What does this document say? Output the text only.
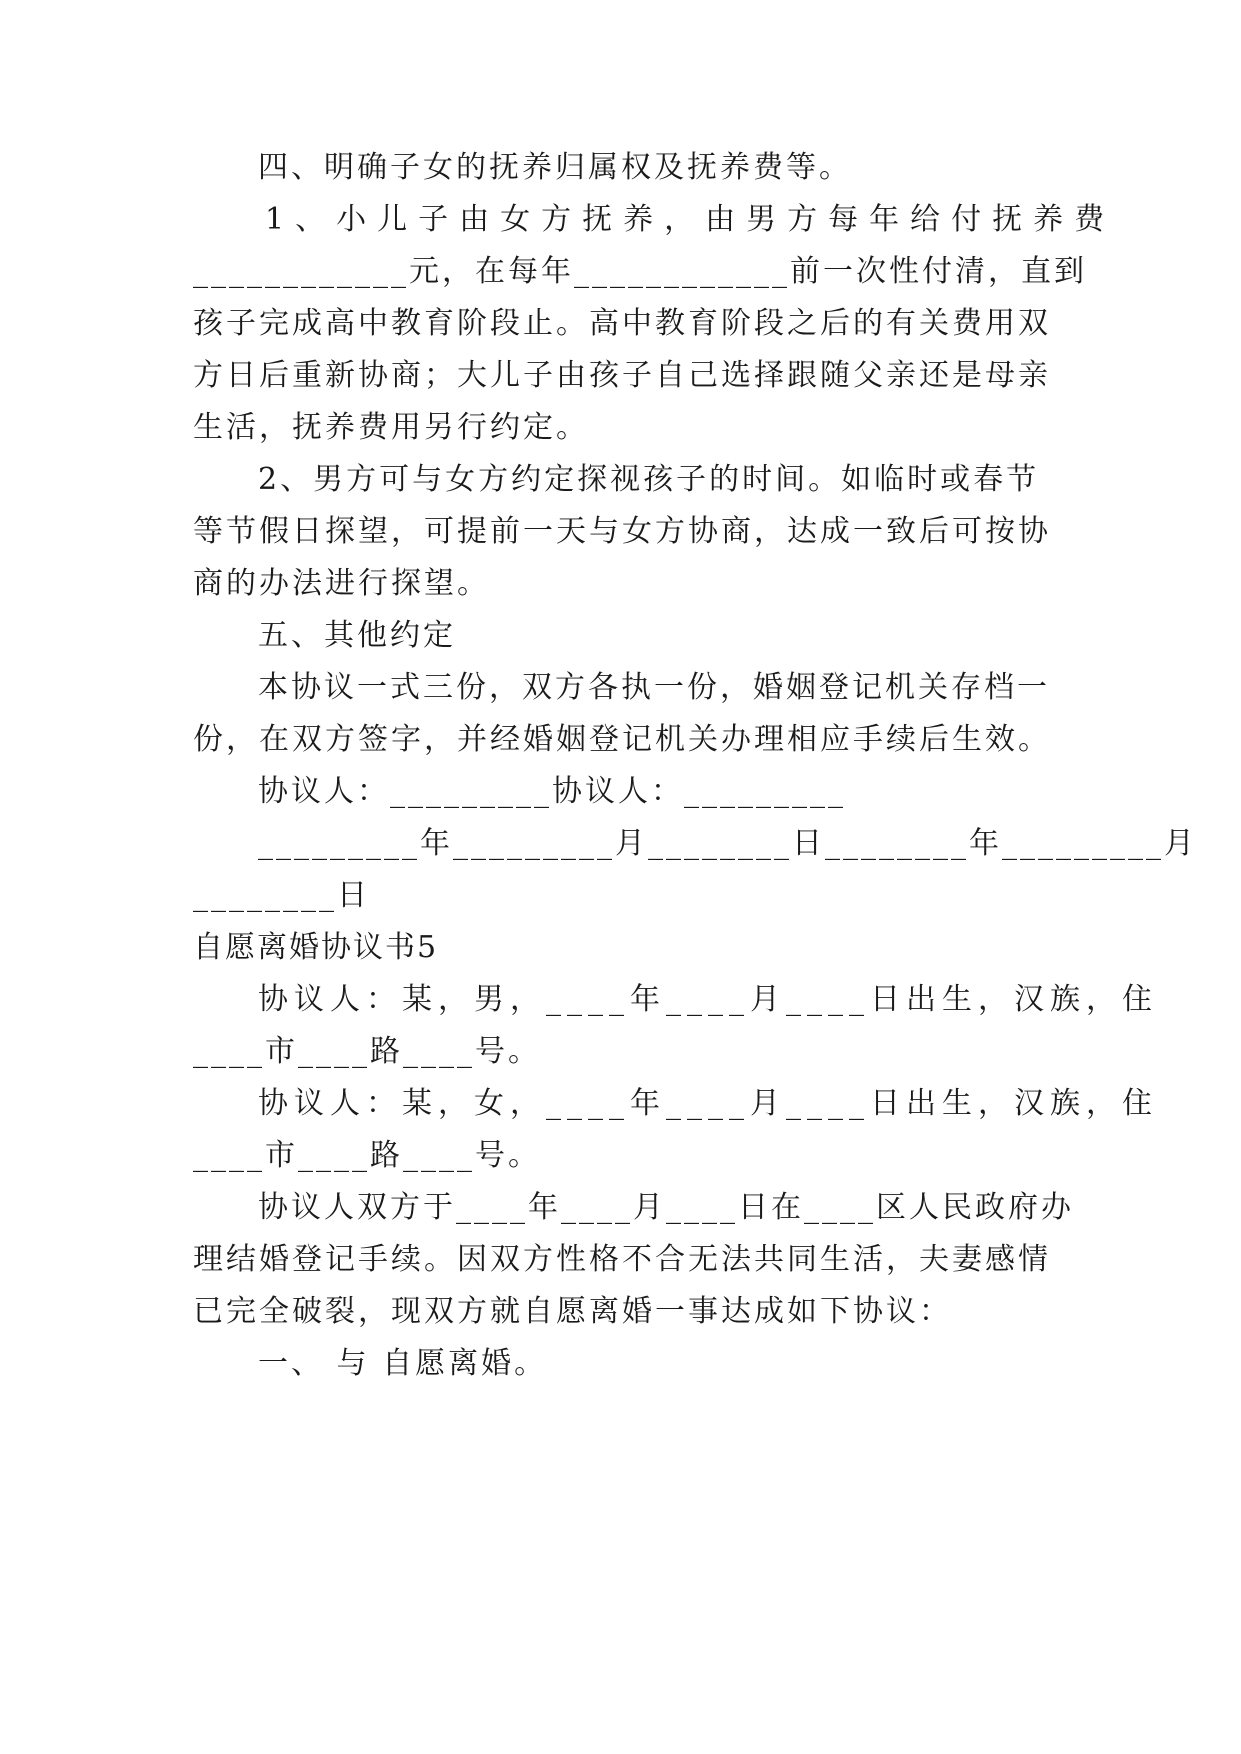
四、明确子女的抚养归属权及抚养费等。

1、小儿子由女方抚养，由男方每年给付抚养费

____________元，在每年____________前一次性付清，直到

孩子完成高中教育阶段止。高中教育阶段之后的有关费用双

方日后重新协商；大儿子由孩子自己选择跟随父亲还是母亲

生活，抚养费用另行约定。

2、男方可与女方约定探视孩子的时间。如临时或春节

等节假日探望，可提前一天与女方协商，达成一致后可按协

商的办法进行探望。

五、其他约定

本协议一式三份，双方各执一份，婚姻登记机关存档一

份，在双方签字，并经婚姻登记机关办理相应手续后生效。

协议人：_________协议人：_________

_________年_________月________日________年_________月

________日

自愿离婚协议书5

协议人：某，男，____年____月____日出生，汉族，住

____市____路____号。

协议人：某，女，____年____月____日出生，汉族，住

____市____路____号。

协议人双方于____年____月____日在____区人民政府办

理结婚登记手续。因双方性格不合无法共同生活，夫妻感情

已完全破裂，现双方就自愿离婚一事达成如下协议：

一、 与 自愿离婚。
